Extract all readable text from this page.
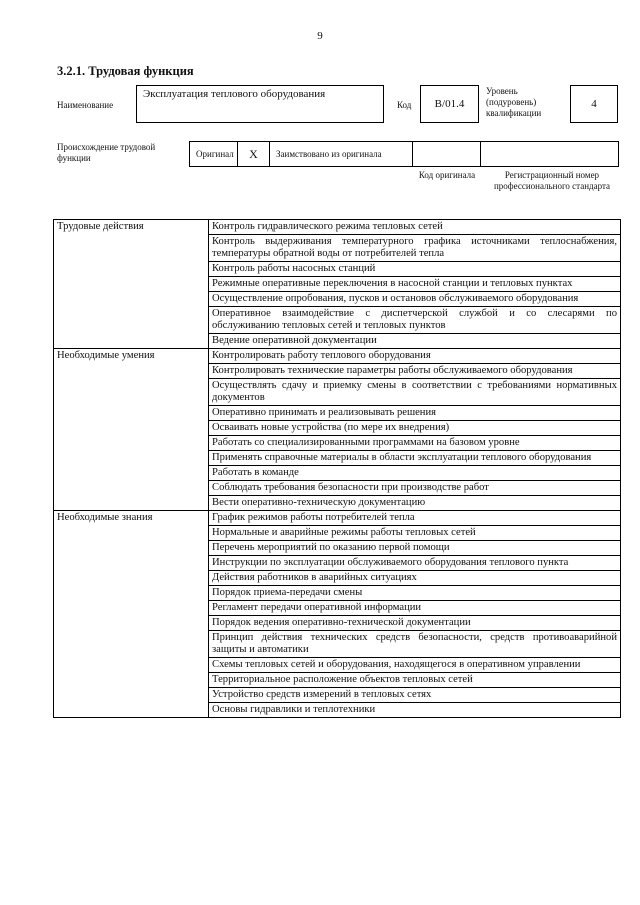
9
3.2.1. Трудовая функция
Наименование
Эксплуатация теплового оборудования
Код	В/01.4
Уровень (подуровень) квалификации
4
Происхождение трудовой функции	Оригинал	X	Заимствовано из оригинала
Код оригинала	Регистрационный номер профессионального стандарта
Трудовые действия	Контроль гидравлического режима тепловых сетей
	Контроль выдерживания температурного графика источниками теплоснабжения, температуры обратной воды от потребителей тепла
	Контроль работы насосных станций
	Режимные оперативные переключения в насосной станции и тепловых пунктах
	Осуществление опробования, пусков и остановов обслуживаемого оборудования
	Оперативное взаимодействие с диспетчерской службой и со слесарями по обслуживанию тепловых сетей и тепловых пунктов
	Ведение оперативной документации
Необходимые умения	Контролировать работу теплового оборудования
	Контролировать технические параметры работы обслуживаемого оборудования
	Осуществлять сдачу и приемку смены в соответствии с требованиями нормативных документов
	Оперативно принимать и реализовывать решения
	Осваивать новые устройства (по мере их внедрения)
	Работать со специализированными программами на базовом уровне
	Применять справочные материалы в области эксплуатации теплового оборудования
	Работать в команде
	Соблюдать требования безопасности при производстве работ
	Вести оперативно-техническую документацию
Необходимые знания	График режимов работы потребителей тепла
	Нормальные и аварийные режимы работы тепловых сетей
	Перечень мероприятий по оказанию первой помощи
	Инструкции по эксплуатации обслуживаемого оборудования теплового пункта
	Действия работников в аварийных ситуациях
	Порядок приема-передачи смены
	Регламент передачи оперативной информации
	Порядок ведения оперативно-технической документации
	Принцип действия технических средств безопасности, средств противоаварийной защиты и автоматики
	Схемы тепловых сетей и оборудования, находящегося в оперативном управлении
	Территориальное расположение объектов тепловых сетей
	Устройство средств измерений в тепловых сетях
	Основы гидравлики и теплотехники
